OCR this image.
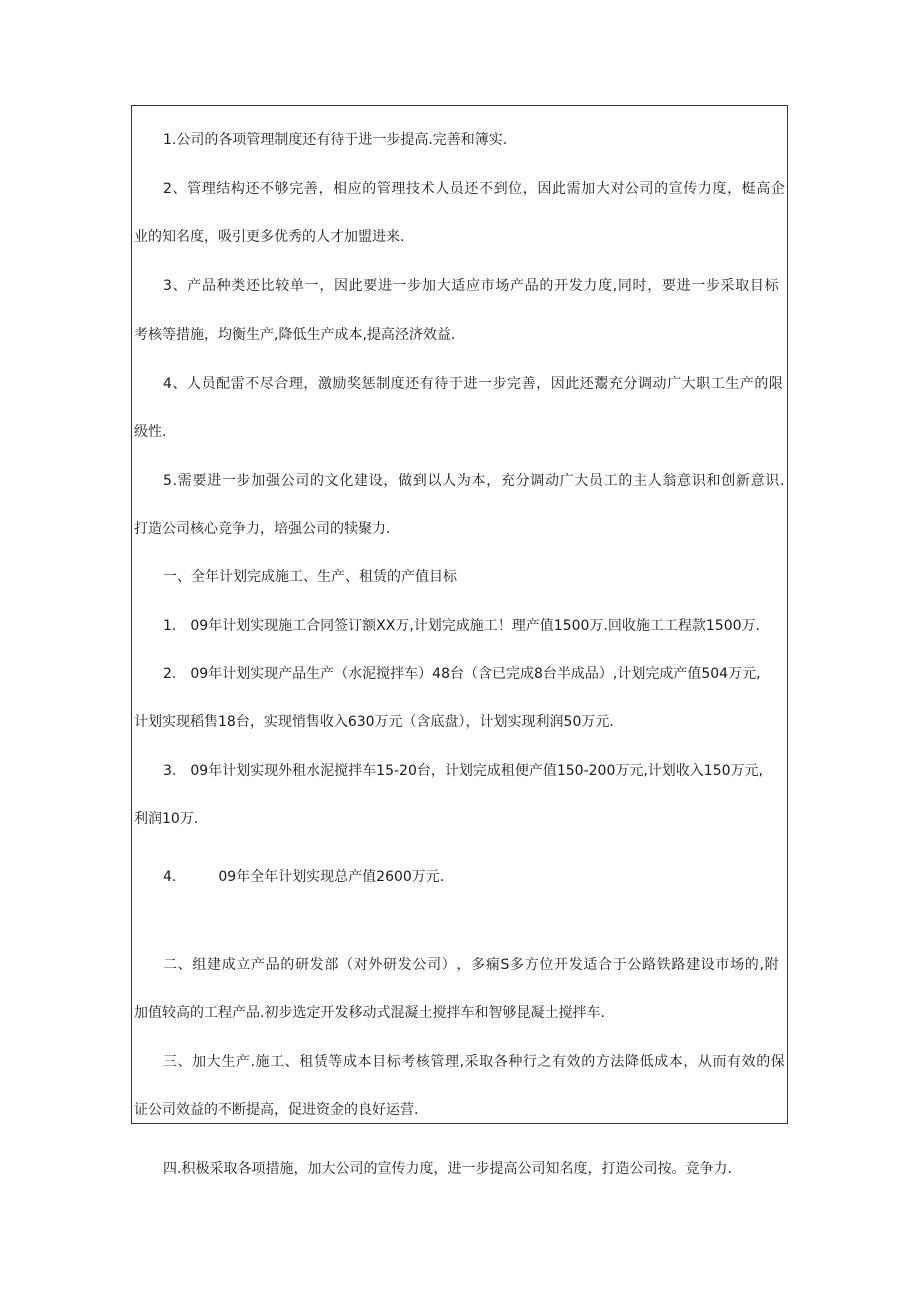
1.公司的各项管理制度还有待于进一步提高.完善和簿实.

2 、 管 理 结 构 还 不 够 完 善 ， 相 应 的 管 理 技 术 人 员 还 不 到 位 ， 因 此 需 加 大 对 公 司 的 宣 传 力 度 ， 梃 高 企

业的知名度，吸引更多优秀的人才加盟进来.

3 、 产 品 种 类 还 比 较 单 一 ， 因 此 要 进 一 步 加 大 适 应 市 场 产 品 的 开 发 力 度 , 同 时 ， 要 进 一 步 采 取 目 标

考核等措施，均衡生产,降低生产成本,提高泾济效益.

4 、 人 员 配 雷 不 尽 合 理 ， 激 励 奖 惩 制 度 还 有 待 于 进 一 步 完 善 ， 因 此 还 鬻 充 分 调 动 广 大 职 工 生 产 的 限

级性.

5 . 需 要 进 一 步 加 强 公 司 的 文 化 建 设 ， 做 到 以 人 为 本 ， 充 分 调 动 广 大 员 工 的 主 人 翁 意 识 和 创 新 意 识 .

打造公司核心竞争力，培强公司的犊聚力.

一、全年计划完成施工、生产、租赁的产值目标

1.　09年计划实现施工合同签订额XX万,计划完成施工！理产值1500万.回收施工工程款1500万.

2.　09年计划实现产品生产（水泥搅拌车）48台（含已完成8台半成品）,计划完成产值504万元,

计划实现稻售18台，实现悄售收入630万元（含底盘），计划实现利润50万元.

3.　09年计划实现外租水泥搅拌车15-20台，计划完成租便产值150-200万元,计划收入150万元,

利润10万.

4.　　　09年全年计划实现总产值2600万元.

二 、 组 建 成 立 产 品 的 研 发 部 （ 对 外 研 发 公 司 ） ， 多 痫 S 多 方 位 开 发 适 合 于 公 路 铁 路 建 设 市 场 的 , 附

加值较高的工程产品.初步选定开发移动式混凝土搅拌车和智够昆凝土搅拌车.

三 、 加 大 生 产 . 施 工 、 租 赁 等 成 本 目 标 考 核 管 理 , 采 取 各 种 行 之 有 效 的 方 法 降 低 成 本 ， 从 而 有 效 的 保

证公司效益的不断提高，促进资金的良好运营.

四.积极采取各项措施，加大公司的宣传力度，进一步提高公司知名度，打造公司按。竞争力.
